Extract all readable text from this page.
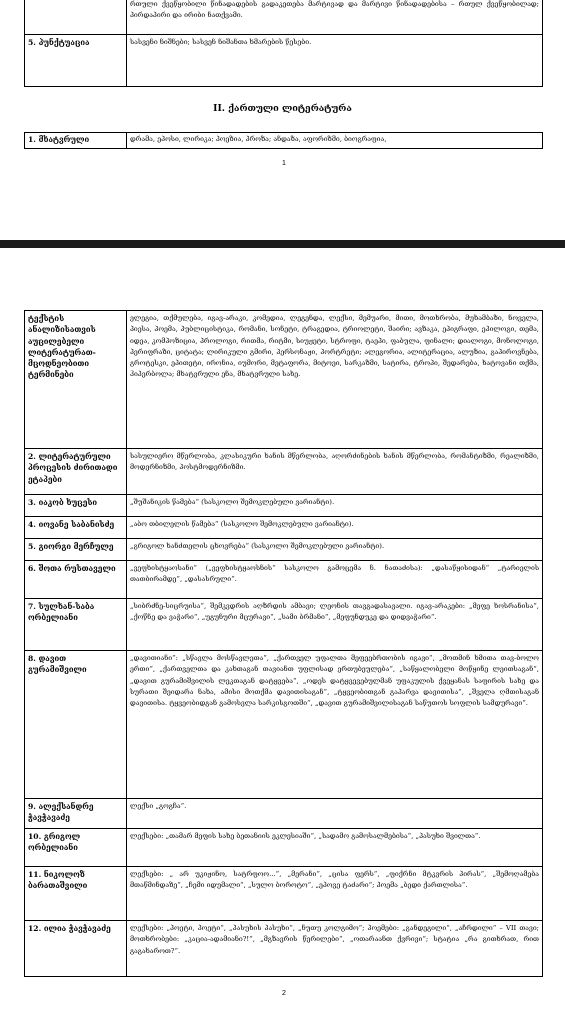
	რთული ქვეწყობილი წინადადების გადაკეთება მარტივად და მარტივი წინადადებისა – რთულ ქვეწყობილად; პირდაპირი და ირიბი ნათქვამი.
5. პუნქტუაცია	სასვენი ნიშნები; სასვენ ნიშანთა ხმარების წესები.
II. ქართული ლიტერატურა
1. მხატვრული	დრამა, ეპოსი, ლირიკა; პოეზია, პროზა; ანდაზა, აფორიზმი, ბიოგრაფია,
1
ტექსტის ანალიზისათვის აუცილებელი ლიტერატურათ-მცოდნეობითი ტერმინები	ელეგია, თქმულება, იგავ-არაკი, კომედია, ლეგენდა, ლექსი, მემუარი, მითი, მოთხრობა, მუხამბაზი, ნოველა, პიესა, პოემა, პუბლიცისტიკა, რომანი, სონეტი, ტრაგედია, ტრიოლეტი, შაირი; ავზაკა, ეპიგრაფი, ეპილოგი, თემა, იდეა, კომპოზიცია, პროლოგი, რითმა, რიტმი, სიუჟეტი, სტროფი, ტაეპი, ფაბულა, ფინალი; დიალოგი, მონოლოგი, პერიფრაზი, ციტატა; ლირიკული გმირი, პერსონაჟი, პორტრეტი; ალეგორია, ალიტერაცია, ალუზია, გაპიროვნება, გროტესკი, ეპითეტი, ირონია, იუმორი, მეტაფორა, მიტოეი, სარკაზმი, სატირა, ტროპი, შედარება, ხატოვანი თქმა, ჰიპერბოლა; მხატვრული ენა, მხატვრული სახე.
2. ლიტერატურული პროცესის ძირითადი ეტაპები	სასულიერო მწერლობა, კლასიკური ხანის მწერლობა, აღორძინების ხანის მწერლობა, რომანტიზმი, რეალიზმი, მოდერნიზმი, პოსტმოდერნიზმი.
3. იაკობ ხუცესი	„შუშანიკის წამება“ (სასკოლო შემოკლებული ვარიანტი).
4. იოვანე საბანისძე	„აბო თბილელის წამება“ (სასკოლო შემოკლებული ვარიანტი).
5. გიორგი მერჩულე	„გრიგოლ ხანძთელის ცხოვრება“ (სასკოლო შემოკლებული ვარიანტი).
6. შოთა რუსთაველი	„ვეფხისტყაოსანი“ („ვეფხისტყაოსნის“ სასკოლო გამოცემა ნ. ნათაძისა): „დასაწყისიდან“ „ტარიელის თათბირამდე“, „დასასრული“.
7. სულხან-საბა ორბელიანი	„სიბრძნე-სიცრუისა“, შემკვდრის აღზრდის ამბავი; ლეონის თავგადასავალი. იგავ-არაკები: „მეფე ხოსრანისა“, „ქოწნე და ვაჭარი“, „უგუნური მცურავი“, „სამი ბრმანი“, „მეფუნდუკე და დიდვაჭარი“.
8. დავით გურამიშვილი	„დავითიანი“: „სწავლა მოსწავლეთა“, „ქართველ უფალთა მეფეებრთობის იგავი“, „მოთმინ ხმითა თავ-ბოლო ერთი“, „ქართველთა და კახთაგან თავიანთ უფლისად ერთუბეულება“, „საწყალობელი მოწყინე ლეითსაგან“, „დავით გურამიშვილის ლეკთაგან დატყვება“, „ოდეს დატყვევებულმან უფაკულის ქვეყანას საფირის სახე და სურათი შეიდარა ნახა, ამისი მოთქმა დავითისაგან“, „ტყვეობითგან გაპარვა დავითისა“, „შველა ღმთისაგან დავითისა. ტყვეობიდგან გამოსვლა სარკისგოთში“, „დავით გურამიშვილისაგან საწუთოს სოფლის სამდურავი“.
9. ალექსანდრე ჭავჭავაძე	ლექსი „გოგჩა“.
10. გრიგოლ ორბელიანი	ლექსები: „თამარ მეფის სახე ბეთანიის ეკლესიაში“, „სადამო გამოსალმებისა“, „პასუხი შვილთა“.
11. ნიკოლოზ ბარათაშვილი	ლექსები: „ არ უკიჟინო, სატრფოო...“, „მერანი“, „ცისა ფერს“, „ფიქრნი მტკვრის პირას“, „შემოღამება მთაწმინდაზე“, „ჩემი იდუმალი“, „სულო ბოროტო“, „ეპოვე ტაძარი“; პოემა „ბედი ქართლისა“.
12. ილია ჭავჭავაძე	ლექსები: „პოეტი, პოეტი“, „პასუხის პასუხი“, „ნუთუ კოლგიმო“; პოემები: „განდეგილი“, „აჩრდილი“ – VII თავი; მოთხრობები: „კაცია-ადამიანი?!“, „მგზავრის წერილები“, „ოთარაანთ ქვრივი“; სტატია „რა გითხრათ, რით გაგახაროთ?“.
2
